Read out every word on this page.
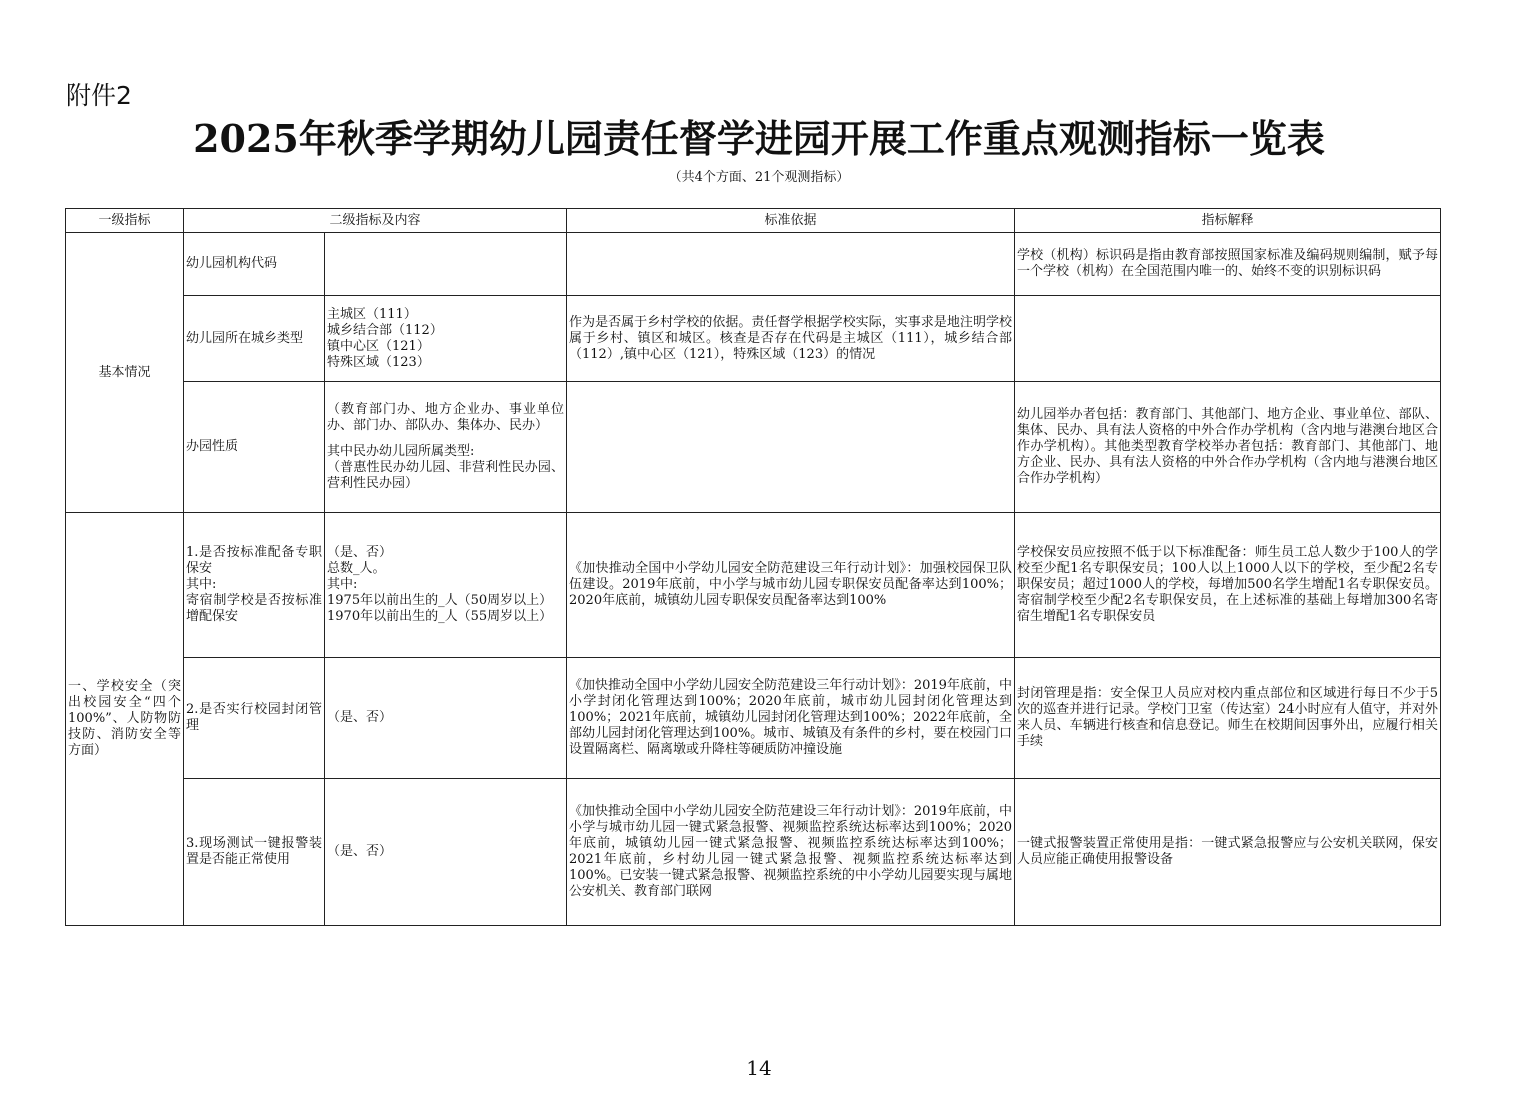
附件2
2025年秋季学期幼儿园责任督学进园开展工作重点观测指标一览表
（共4个方面、21个观测指标）
一级指标	二级指标及内容		标准依据	指标解释
基本情况	幼儿园机构代码			学校（机构）标识码是指由教育部按照国家标准及编码规则编制，赋予每一个学校（机构）在全国范围内唯一的、始终不变的识别标识码
	幼儿园所在城乡类型	主城区（111）
城乡结合部（112）
镇中心区（121）
特殊区域（123）	作为是否属于乡村学校的依据。责任督学根据学校实际，实事求是地注明学校属于乡村、镇区和城区。核查是否存在代码是主城区（111），城乡结合部（112）,镇中心区（121），特殊区域（123）的情况	
	办园性质	（教育部门办、地方企业办、事业单位办、部门办、部队办、集体办、民办）
其中民办幼儿园所属类型:
（普惠性民办幼儿园、非营利性民办园、营利性民办园）		幼儿园举办者包括：教育部门、其他部门、地方企业、事业单位、部队、集体、民办、具有法人资格的中外合作办学机构（含内地与港澳台地区合作办学机构）。其他类型教育学校举办者包括：教育部门、其他部门、地方企业、民办、具有法人资格的中外合作办学机构（含内地与港澳台地区合作办学机构）
一、学校安全（突出校园安全“四个100%”、人防物防技防、消防安全等方面）	1.是否按标准配备专职保安
其中:
寄宿制学校是否按标准增配保安	（是、否）
总数_人。
其中:
1975年以前出生的_人（50周岁以上）
1970年以前出生的_人（55周岁以上）	《加快推动全国中小学幼儿园安全防范建设三年行动计划》：加强校园保卫队伍建设。2019年底前，中小学与城市幼儿园专职保安员配备率达到100%；2020年底前，城镇幼儿园专职保安员配备率达到100%	学校保安员应按照不低于以下标准配备：师生员工总人数少于100人的学校至少配1名专职保安员；100人以上1000人以下的学校，至少配2名专职保安员；超过1000人的学校，每增加500名学生增配1名专职保安员。寄宿制学校至少配2名专职保安员，在上述标准的基础上每增加300名寄宿生增配1名专职保安员
	2.是否实行校园封闭管理	（是、否）	《加快推动全国中小学幼儿园安全防范建设三年行动计划》：2019年底前，中小学封闭化管理达到100%；2020年底前，城市幼儿园封闭化管理达到100%；2021年底前，城镇幼儿园封闭化管理达到100%；2022年底前，全部幼儿园封闭化管理达到100%。城市、城镇及有条件的乡村，要在校园门口设置隔离栏、隔离墩或升降柱等硬质防冲撞设施	封闭管理是指：安全保卫人员应对校内重点部位和区域进行每日不少于5次的巡查并进行记录。学校门卫室（传达室）24小时应有人值守，并对外来人员、车辆进行核查和信息登记。师生在校期间因事外出，应履行相关手续
	3.现场测试一键报警装置是否能正常使用	（是、否）	《加快推动全国中小学幼儿园安全防范建设三年行动计划》：2019年底前，中小学与城市幼儿园一键式紧急报警、视频监控系统达标率达到100%；2020年底前，城镇幼儿园一键式紧急报警、视频监控系统达标率达到100%；2021年底前，乡村幼儿园一键式紧急报警、视频监控系统达标率达到100%。已安装一键式紧急报警、视频监控系统的中小学幼儿园要实现与属地公安机关、教育部门联网	一键式报警装置正常使用是指：一键式紧急报警应与公安机关联网，保安人员应能正确使用报警设备
14
